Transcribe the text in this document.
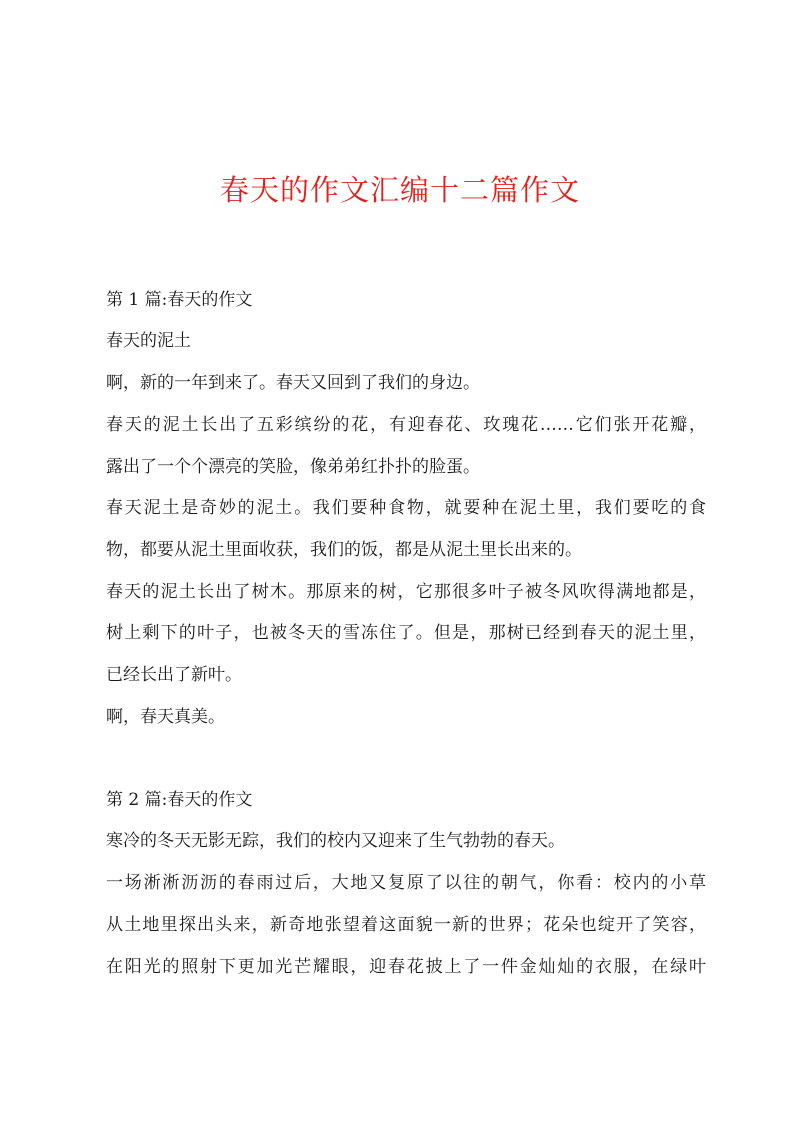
春天的作文汇编十二篇作文
第 1 篇:春天的作文
春天的泥土
啊，新的一年到来了。春天又回到了我们的身边。
春天的泥土长出了五彩缤纷的花，有迎春花、玫瑰花……它们张开花瓣，
露出了一个个漂亮的笑脸，像弟弟红扑扑的脸蛋。
春天泥土是奇妙的泥土。我们要种食物，就要种在泥土里，我们要吃的食
物，都要从泥土里面收获，我们的饭，都是从泥土里长出来的。
春天的泥土长出了树木。那原来的树，它那很多叶子被冬风吹得满地都是，
树上剩下的叶子，也被冬天的雪冻住了。但是，那树已经到春天的泥土里，
已经长出了新叶。
啊，春天真美。
第 2 篇:春天的作文
寒冷的冬天无影无踪，我们的校内又迎来了生气勃勃的春天。
一场淅淅沥沥的春雨过后，大地又复原了以往的朝气，你看：校内的小草
从土地里探出头来，新奇地张望着这面貌一新的世界；花朵也绽开了笑容，
在阳光的照射下更加光芒耀眼，迎春花披上了一件金灿灿的衣服，在绿叶
